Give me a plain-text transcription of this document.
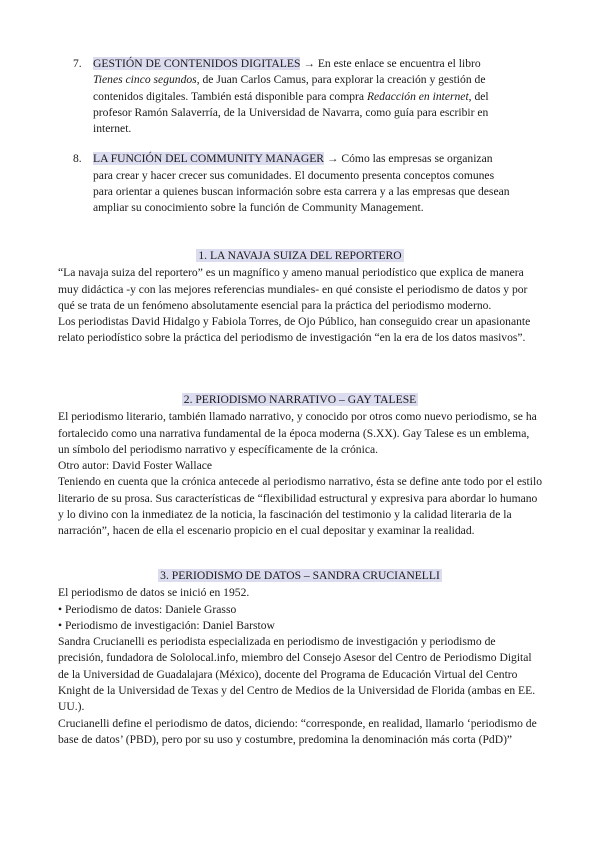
7. GESTIÓN DE CONTENIDOS DIGITALES → En este enlace se encuentra el libro Tienes cinco segundos, de Juan Carlos Camus, para explorar la creación y gestión de contenidos digitales. También está disponible para compra Redacción en internet, del profesor Ramón Salaverría, de la Universidad de Navarra, como guía para escribir en internet.
8. LA FUNCIÓN DEL COMMUNITY MANAGER → Cómo las empresas se organizan para crear y hacer crecer sus comunidades. El documento presenta conceptos comunes para orientar a quienes buscan información sobre esta carrera y a las empresas que desean ampliar su conocimiento sobre la función de Community Management.
1. LA NAVAJA SUIZA DEL REPORTERO

“La navaja suiza del reportero” es un magnífico y ameno manual periodístico que explica de manera muy didáctica -y con las mejores referencias mundiales- en qué consiste el periodismo de datos y por qué se trata de un fenómeno absolutamente esencial para la práctica del periodismo moderno.

Los periodistas David Hidalgo y Fabiola Torres, de Ojo Público, han conseguido crear un apasionante relato periodístico sobre la práctica del periodismo de investigación “en la era de los datos masivos”.

2. PERIODISMO NARRATIVO – GAY TALESE

El periodismo literario, también llamado narrativo, y conocido por otros como nuevo periodismo, se ha fortalecido como una narrativa fundamental de la época moderna (S.XX). Gay Talese es un emblema, un símbolo del periodismo narrativo y específicamente de la crónica.

Otro autor: David Foster Wallace

Teniendo en cuenta que la crónica antecede al periodismo narrativo, ésta se define ante todo por el estilo literario de su prosa. Sus características de “flexibilidad estructural y expresiva para abordar lo humano y lo divino con la inmediatez de la noticia, la fascinación del testimonio y la calidad literaria de la narración”, hacen de ella el escenario propicio en el cual depositar y examinar la realidad.

3. PERIODISMO DE DATOS – SANDRA CRUCIANELLI

El periodismo de datos se inició en 1952.

• Periodismo de datos: Daniele Grasso

• Periodismo de investigación: Daniel Barstow

Sandra Crucianelli es periodista especializada en periodismo de investigación y periodismo de precisión, fundadora de Sololocal.info, miembro del Consejo Asesor del Centro de Periodismo Digital de la Universidad de Guadalajara (México), docente del Programa de Educación Virtual del Centro Knight de la Universidad de Texas y del Centro de Medios de la Universidad de Florida (ambas en EE. UU.).

Crucianelli define el periodismo de datos, diciendo: “corresponde, en realidad, llamarlo ‘periodismo de base de datos’ (PBD), pero por su uso y costumbre, predomina la denominación más corta (PdD)”
